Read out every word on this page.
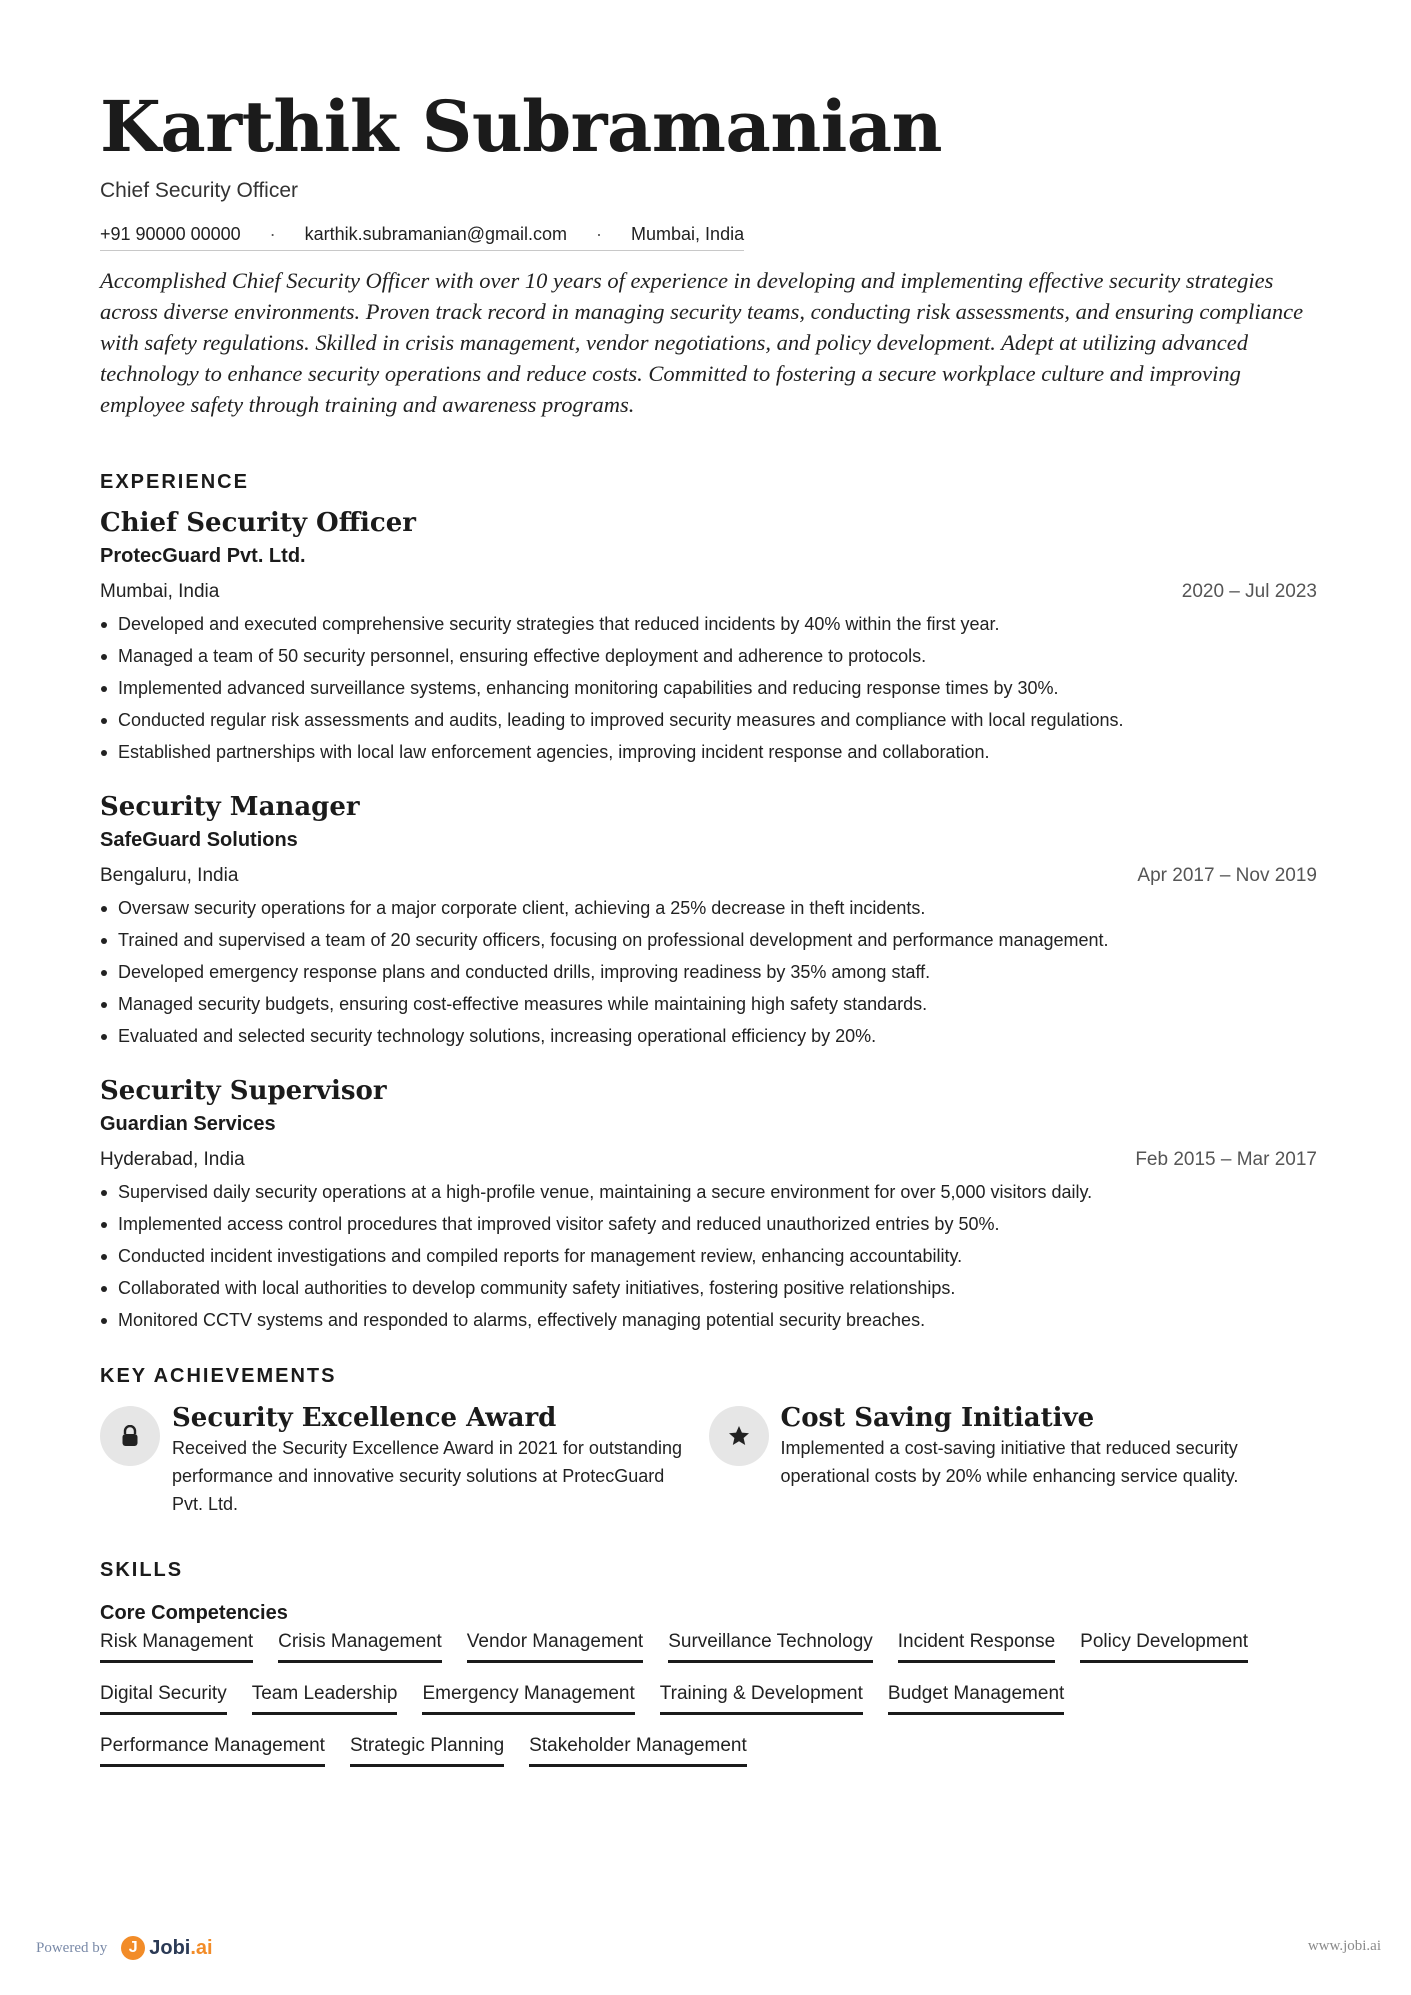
Karthik Subramanian
Chief Security Officer
+91 90000 00000 · karthik.subramanian@gmail.com · Mumbai, India
Accomplished Chief Security Officer with over 10 years of experience in developing and implementing effective security strategies across diverse environments. Proven track record in managing security teams, conducting risk assessments, and ensuring compliance with safety regulations. Skilled in crisis management, vendor negotiations, and policy development. Adept at utilizing advanced technology to enhance security operations and reduce costs. Committed to fostering a secure workplace culture and improving employee safety through training and awareness programs.
EXPERIENCE
Chief Security Officer
ProtecGuard Pvt. Ltd.
Mumbai, India	2020 – Jul 2023
Developed and executed comprehensive security strategies that reduced incidents by 40% within the first year.
Managed a team of 50 security personnel, ensuring effective deployment and adherence to protocols.
Implemented advanced surveillance systems, enhancing monitoring capabilities and reducing response times by 30%.
Conducted regular risk assessments and audits, leading to improved security measures and compliance with local regulations.
Established partnerships with local law enforcement agencies, improving incident response and collaboration.
Security Manager
SafeGuard Solutions
Bengaluru, India	Apr 2017 – Nov 2019
Oversaw security operations for a major corporate client, achieving a 25% decrease in theft incidents.
Trained and supervised a team of 20 security officers, focusing on professional development and performance management.
Developed emergency response plans and conducted drills, improving readiness by 35% among staff.
Managed security budgets, ensuring cost-effective measures while maintaining high safety standards.
Evaluated and selected security technology solutions, increasing operational efficiency by 20%.
Security Supervisor
Guardian Services
Hyderabad, India	Feb 2015 – Mar 2017
Supervised daily security operations at a high-profile venue, maintaining a secure environment for over 5,000 visitors daily.
Implemented access control procedures that improved visitor safety and reduced unauthorized entries by 50%.
Conducted incident investigations and compiled reports for management review, enhancing accountability.
Collaborated with local authorities to develop community safety initiatives, fostering positive relationships.
Monitored CCTV systems and responded to alarms, effectively managing potential security breaches.
KEY ACHIEVEMENTS
Security Excellence Award
Received the Security Excellence Award in 2021 for outstanding performance and innovative security solutions at ProtecGuard Pvt. Ltd.
Cost Saving Initiative
Implemented a cost-saving initiative that reduced security operational costs by 20% while enhancing service quality.
SKILLS
Core Competencies
Risk Management Crisis Management Vendor Management Surveillance Technology Incident Response Policy Development
Digital Security Team Leadership Emergency Management Training & Development Budget Management
Performance Management Strategic Planning Stakeholder Management
Powered by	J Jobi.ai	www.jobi.ai
